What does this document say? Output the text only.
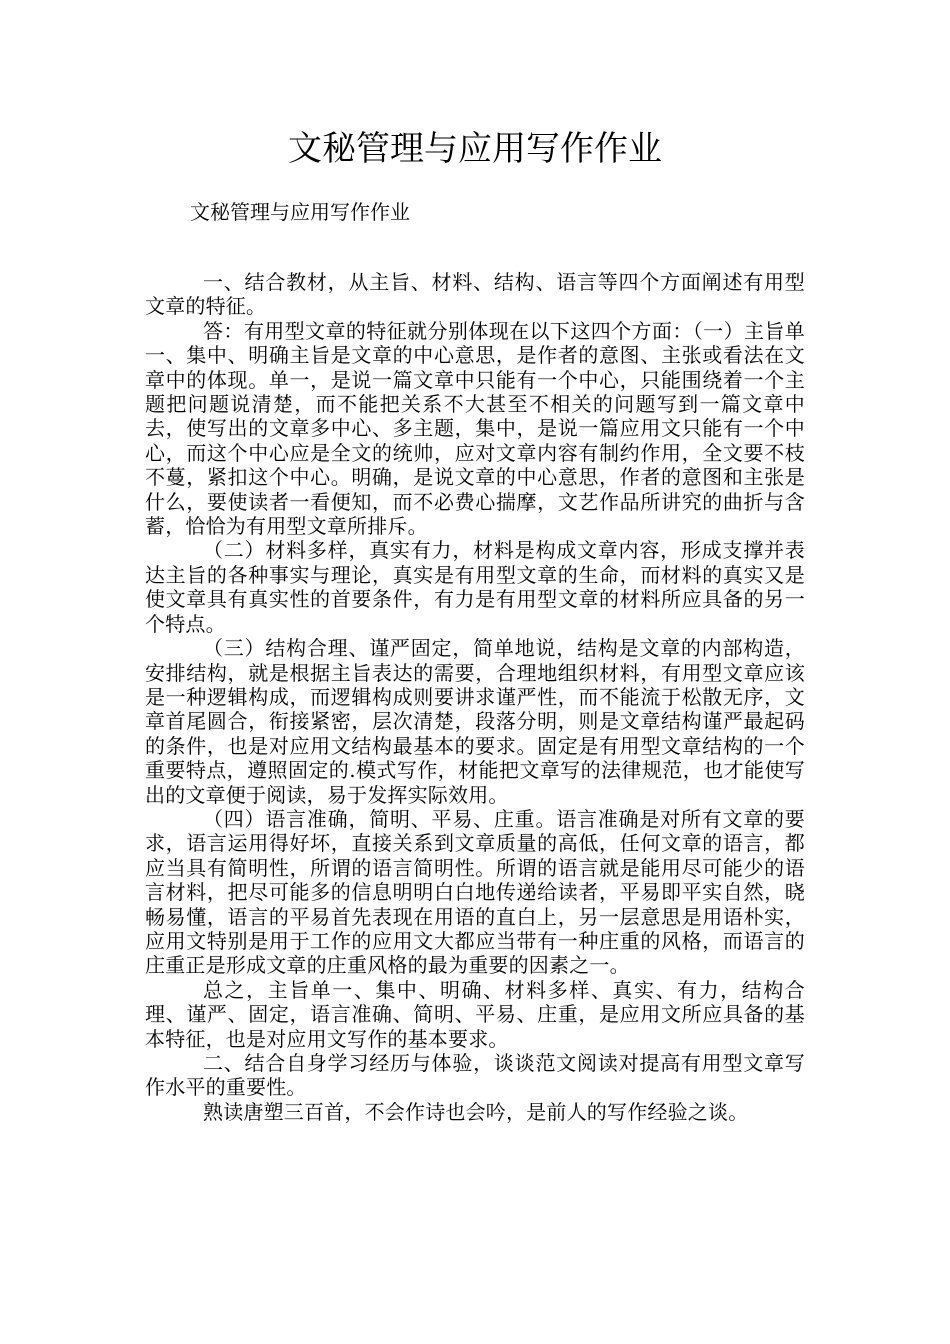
文秘管理与应用写作作业

文秘管理与应用写作作业

一、结合教材，从主旨、材料、结构、语言等四个方面阐述有用型文章的特征。

答：有用型文章的特征就分别体现在以下这四个方面：（一）主旨单一、集中、明确主旨是文章的中心意思，是作者的意图、主张或看法在文章中的体现。单一，是说一篇文章中只能有一个中心，只能围绕着一个主题把问题说清楚，而不能把关系不大甚至不相关的问题写到一篇文章中去，使写出的文章多中心、多主题，集中，是说一篇应用文只能有一个中心，而这个中心应是全文的统帅，应对文章内容有制约作用，全文要不枝不蔓，紧扣这个中心。明确，是说文章的中心意思，作者的意图和主张是什么，要使读者一看便知，而不必费心揣摩，文艺作品所讲究的曲折与含蓄，恰恰为有用型文章所排斥。

（二）材料多样，真实有力，材料是构成文章内容，形成支撑并表达主旨的各种事实与理论，真实是有用型文章的生命，而材料的真实又是使文章具有真实性的首要条件，有力是有用型文章的材料所应具备的另一个特点。

（三）结构合理、谨严固定，简单地说，结构是文章的内部构造，安排结构，就是根据主旨表达的需要，合理地组织材料，有用型文章应该是一种逻辑构成，而逻辑构成则要讲求谨严性，而不能流于松散无序，文章首尾圆合，衔接紧密，层次清楚，段落分明，则是文章结构谨严最起码的条件，也是对应用文结构最基本的要求。固定是有用型文章结构的一个重要特点，遵照固定的.模式写作，材能把文章写的法律规范，也才能使写出的文章便于阅读，易于发挥实际效用。

（四）语言准确，简明、平易、庄重。语言准确是对所有文章的要求，语言运用得好坏，直接关系到文章质量的高低，任何文章的语言，都应当具有简明性，所谓的语言简明性。所谓的语言就是能用尽可能少的语言材料，把尽可能多的信息明明白白地传递给读者，平易即平实自然，晓畅易懂，语言的平易首先表现在用语的直白上，另一层意思是用语朴实，应用文特别是用于工作的应用文大都应当带有一种庄重的风格，而语言的庄重正是形成文章的庄重风格的最为重要的因素之一。

总之，主旨单一、集中、明确、材料多样、真实、有力，结构合理、谨严、固定，语言准确、简明、平易、庄重，是应用文所应具备的基本特征，也是对应用文写作的基本要求。

二、结合自身学习经历与体验，谈谈范文阅读对提高有用型文章写作水平的重要性。

熟读唐塑三百首，不会作诗也会吟，是前人的写作经验之谈。
